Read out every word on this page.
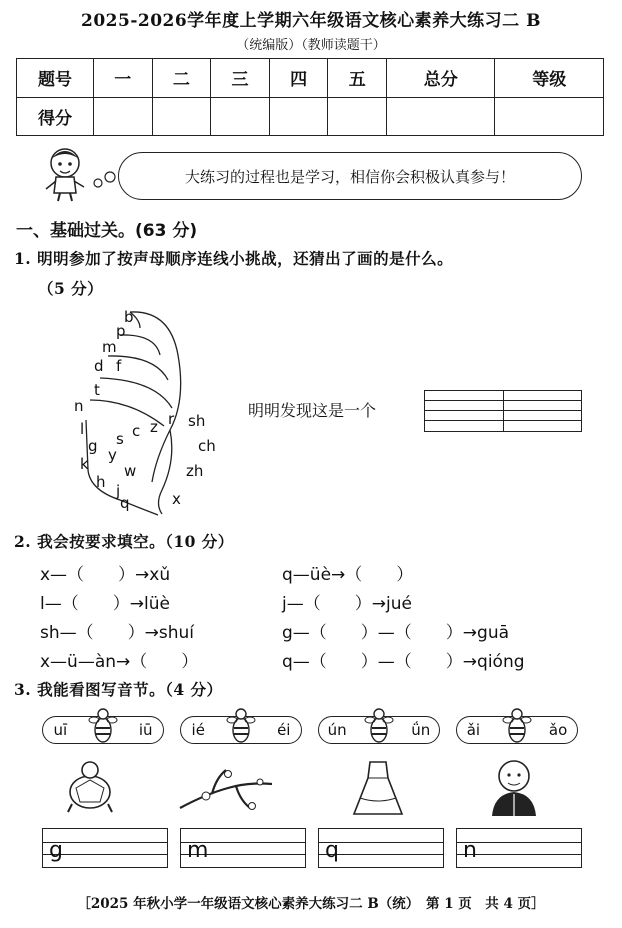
2025-2026学年度上学期六年级语文核心素养大练习二 B
（统编版）（教师读题干）
题号	一	二	三	四	五	总分	等级
得分							
大练习的过程也是学习，相信你会积极认真参与！
一、基础过关。(63 分)
1. 明明参加了按声母顺序连线小挑战，还猜出了画的是什么。
（5 分）
b
p
m
f
d
t
n
l
g
k
h j
q	x
zh
ch
sh
r
z
c
s
y
w
明明发现这是一个
2. 我会按要求填空。（10 分）
x—（　　）→xǔ	q—üè→（　　）
l—（　　）→lüè	j—（　　）→jué
sh—（　　）→shuí	g—（　　）—（　　）→guā
x—ü—àn→（　　）	q—（　　）—（　　）→qióng
3. 我能看图写音节。（4 分）
uī	iū	ié	éi ún	ǘn ǎi	ǎo
g	m	q	n
［2025 年秋小学一年级语文核心素养大练习二 B（统）　第 1 页　共 4 页］
